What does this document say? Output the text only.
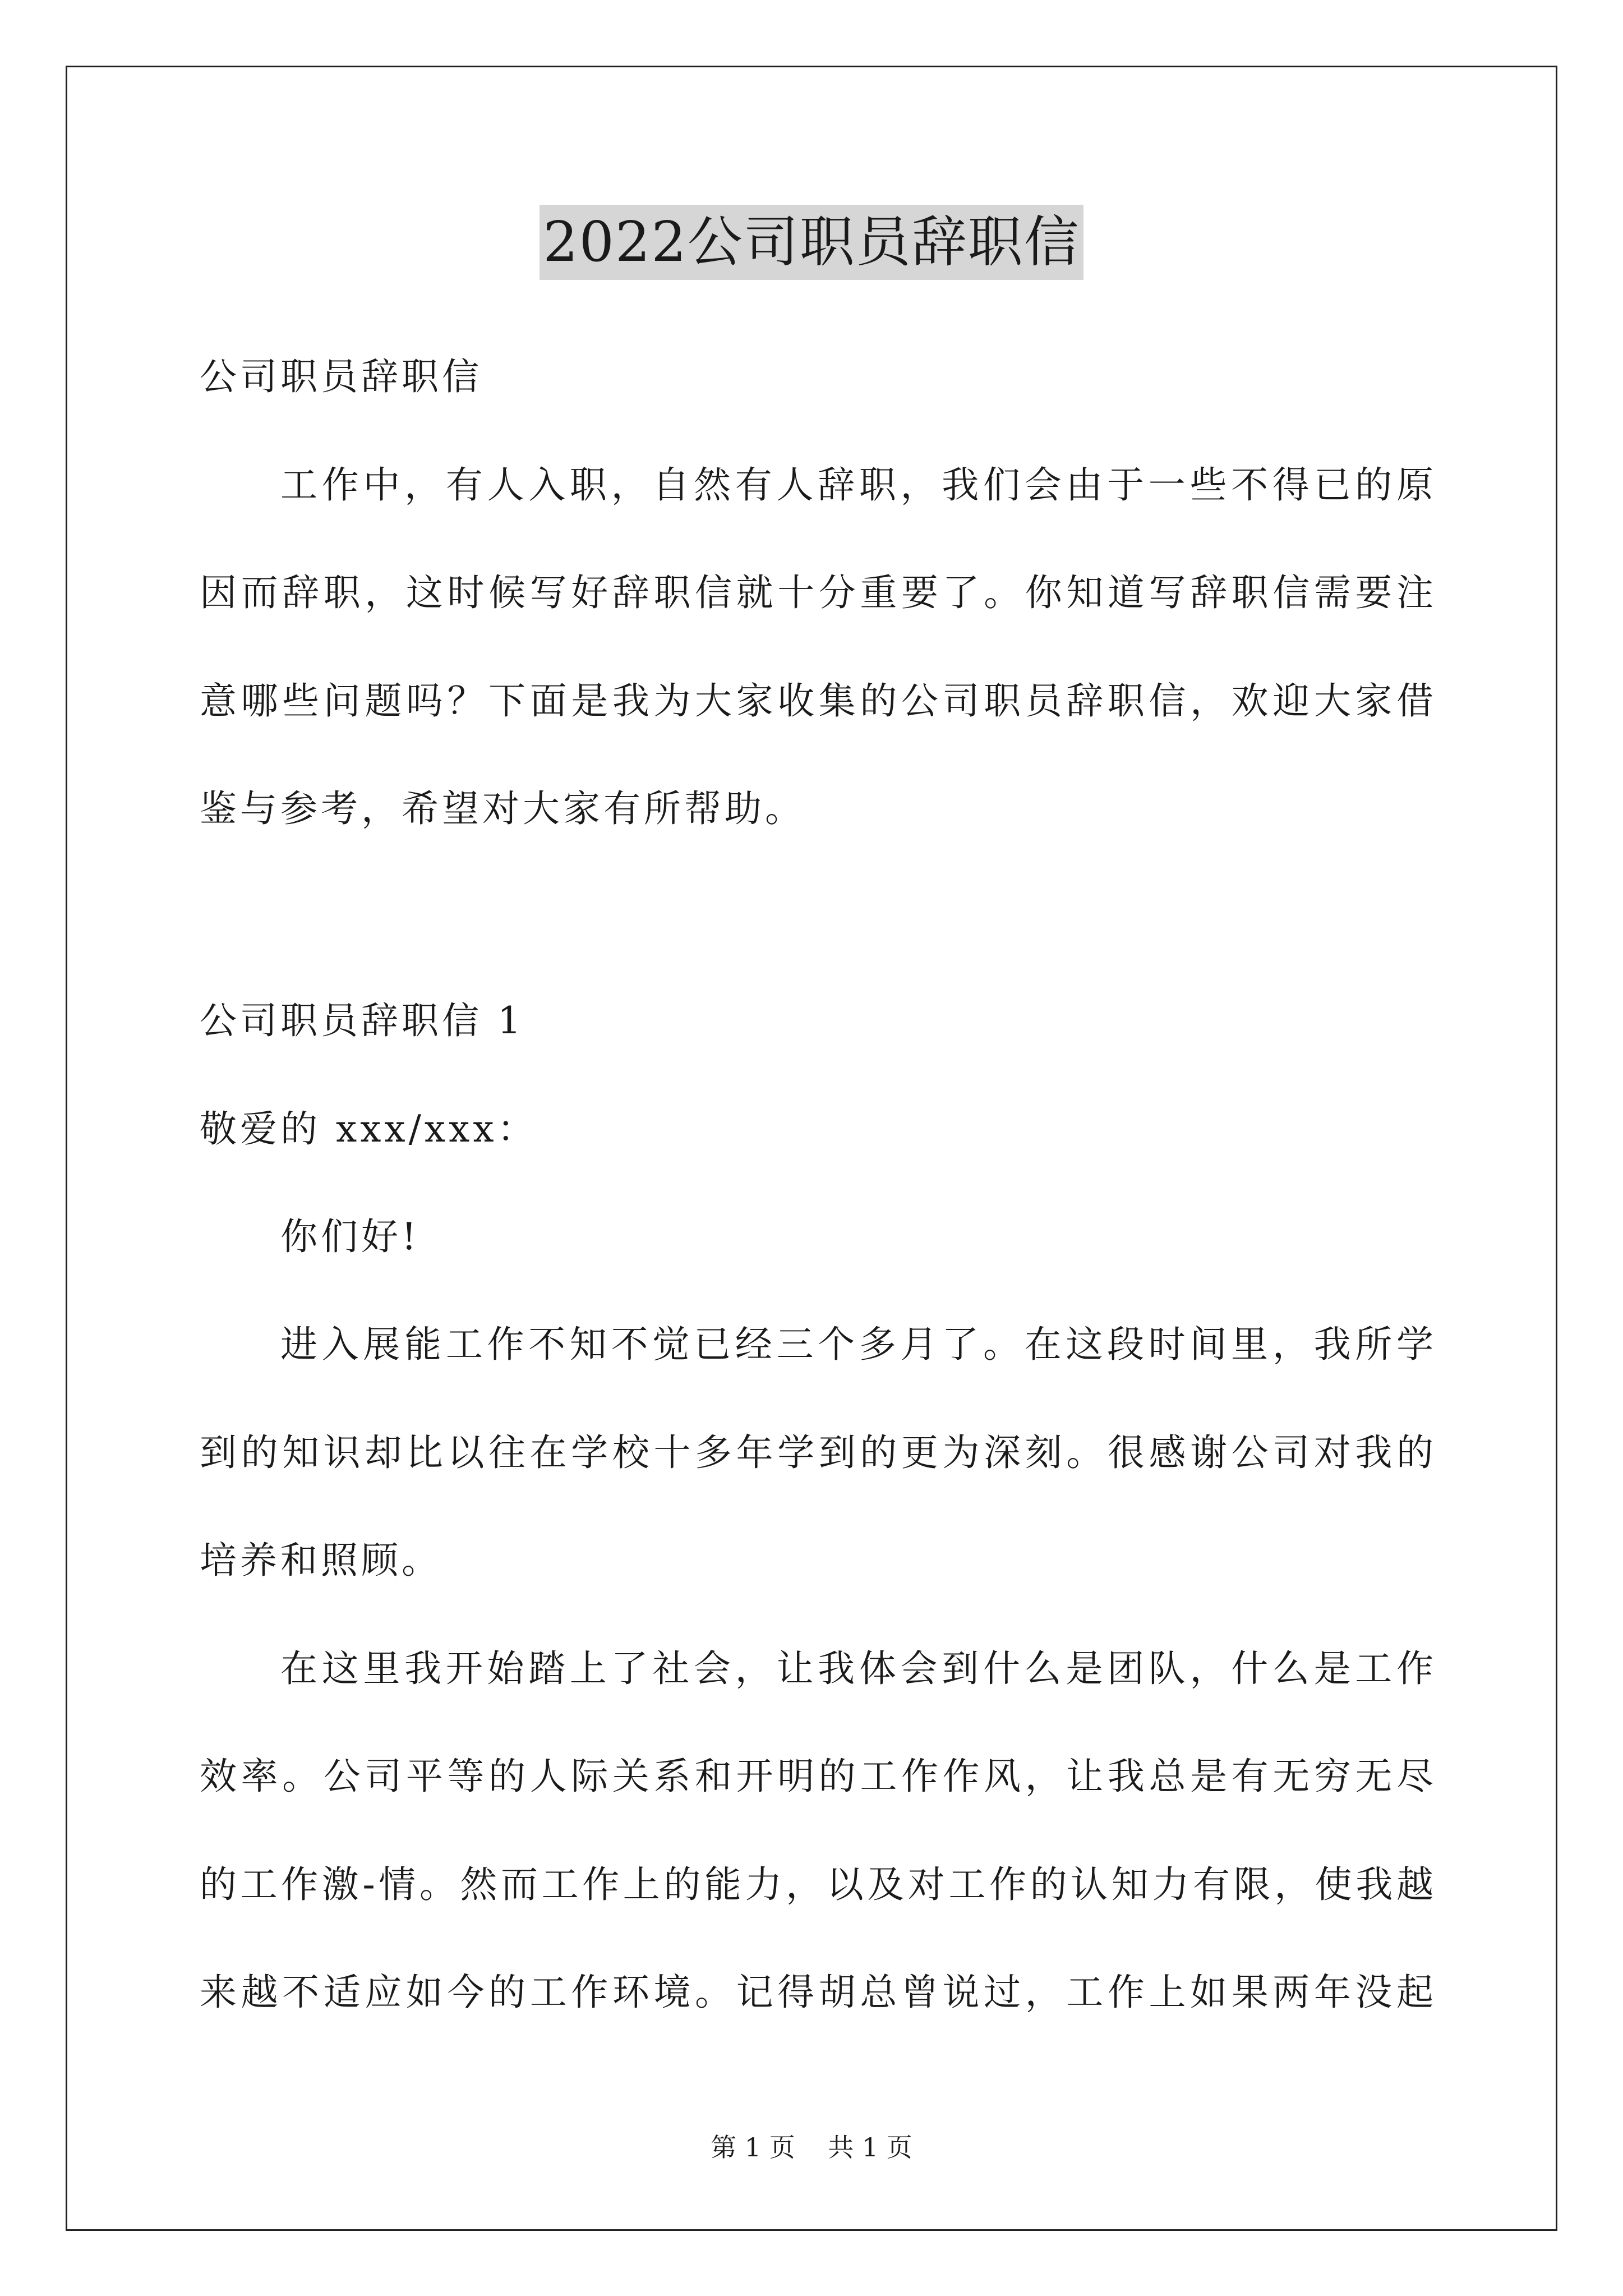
2022公司职员辞职信
公司职员辞职信
工作中，有人入职，自然有人辞职，我们会由于一些不得已的原
因而辞职，这时候写好辞职信就十分重要了。你知道写辞职信需要注
意哪些问题吗？下面是我为大家收集的公司职员辞职信，欢迎大家借
鉴与参考，希望对大家有所帮助。
公司职员辞职信 1
敬爱的 xxx/xxx：
你们好!
进入展能工作不知不觉已经三个多月了。在这段时间里，我所学
到的知识却比以往在学校十多年学到的更为深刻。很感谢公司对我的
培养和照顾。
在这里我开始踏上了社会，让我体会到什么是团队，什么是工作
效率。公司平等的人际关系和开明的工作作风，让我总是有无穷无尽
的工作激-情。然而工作上的能力，以及对工作的认知力有限，使我越
来越不适应如今的工作环境。记得胡总曾说过，工作上如果两年没起
第 1 页    共 1 页
